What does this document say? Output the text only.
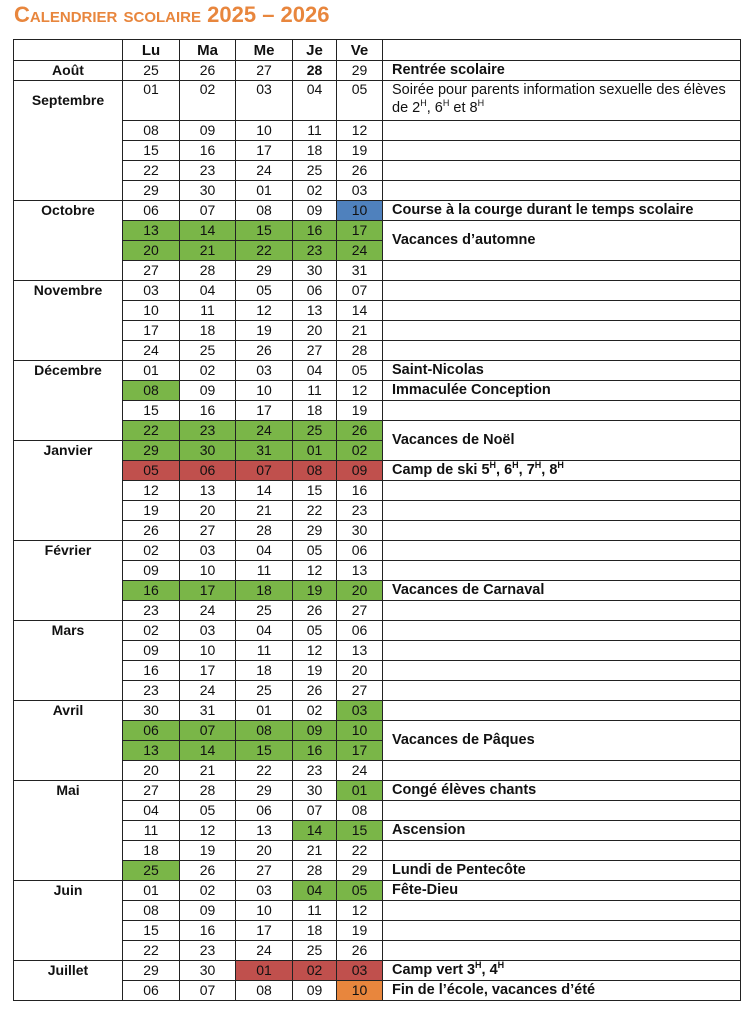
Calendrier scolaire 2025 – 2026
	Lu	Ma	Me	Je	Ve	
Août	25	26	27	28	29	Rentrée scolaire
Septembre	01	02	03	04	05	Soirée pour parents information sexuelle des élèves de $2^H$, $6^H$ et $8^H$
	08	09	10	11	12	
	15	16	17	18	19	
	22	23	24	25	26	
	29	30	01	02	03	
Octobre	06	07	08	09	10	Course à la courge durant le temps scolaire
	13	14	15	16	17	Vacances d’automne
	20	21	22	23	24	
	27	28	29	30	31	
Novembre	03	04	05	06	07	
	10	11	12	13	14	
	17	18	19	20	21	
	24	25	26	27	28	
Décembre	01	02	03	04	05	Saint-Nicolas
	08	09	10	11	12	Immaculée Conception
	15	16	17	18	19	
	22	23	24	25	26	Vacances de Noël
Janvier	29	30	31	01	02	
	05	06	07	08	09	Camp de ski $5^H$, $6^H$, $7^H$, $8^H$
	12	13	14	15	16	
	19	20	21	22	23	
	26	27	28	29	30	
Février	02	03	04	05	06	
	09	10	11	12	13	
	16	17	18	19	20	Vacances de Carnaval
	23	24	25	26	27	
Mars	02	03	04	05	06	
	09	10	11	12	13	
	16	17	18	19	20	
	23	24	25	26	27	
Avril	30	31	01	02	03	
	06	07	08	09	10	Vacances de Pâques
	13	14	15	16	17	
	20	21	22	23	24	
Mai	27	28	29	30	01	Congé élèves chants
	04	05	06	07	08	
	11	12	13	14	15	Ascension
	18	19	20	21	22	
	25	26	27	28	29	Lundi de Pentecôte
Juin	01	02	03	04	05	Fête-Dieu
	08	09	10	11	12	
	15	16	17	18	19	
	22	23	24	25	26	
Juillet	29	30	01	02	03	Camp vert $3^H$, $4^H$
	06	07	08	09	10	Fin de l’école, vacances d’été
